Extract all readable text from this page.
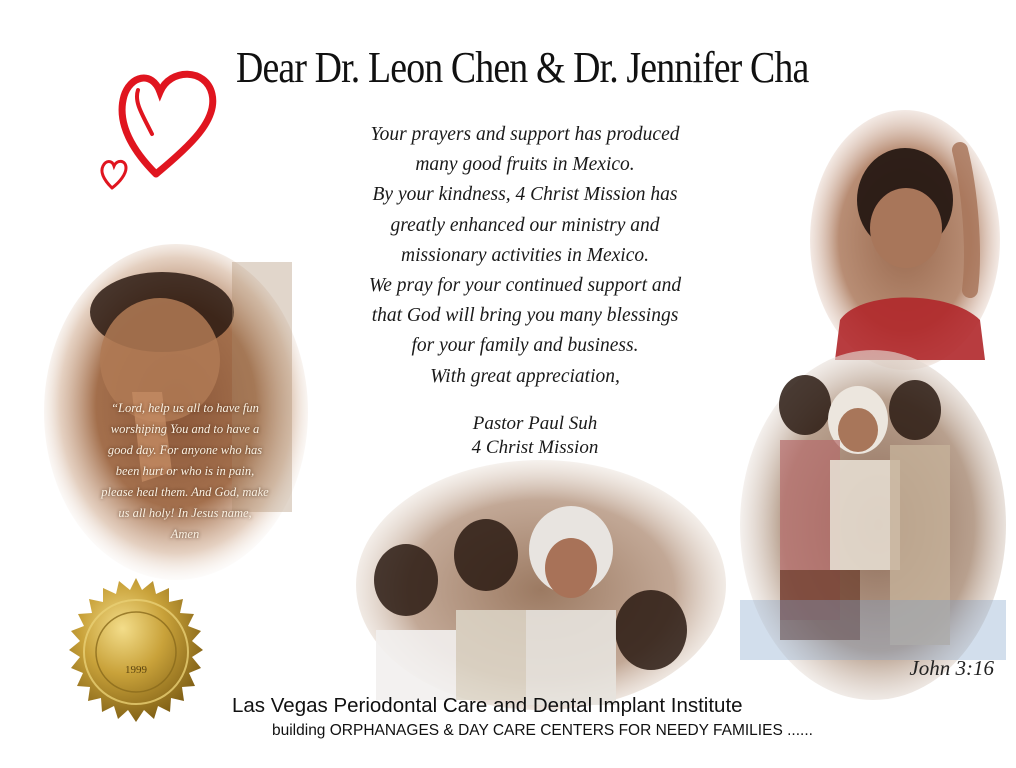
Dear Dr. Leon Chen & Dr. Jennifer Cha
Your prayers and support has produced
many good fruits in Mexico.
By your kindness, 4 Christ Mission has
greatly enhanced our ministry and
missionary activities in Mexico.
We pray for your continued support and
that God will bring you many blessings
for your family and business.
With great appreciation,
Pastor Paul Suh
4 Christ Mission
“Lord, help us all to have fun
worshiping You and to have a
good day. For anyone who has
been hurt or who is in pain,
please heal them. And God, make
us all holy! In Jesus name,
Amen
John 3:16
1999
Las Vegas Periodontal Care and Dental Implant Institute
building ORPHANAGES & DAY CARE CENTERS FOR NEEDY FAMILIES ......
